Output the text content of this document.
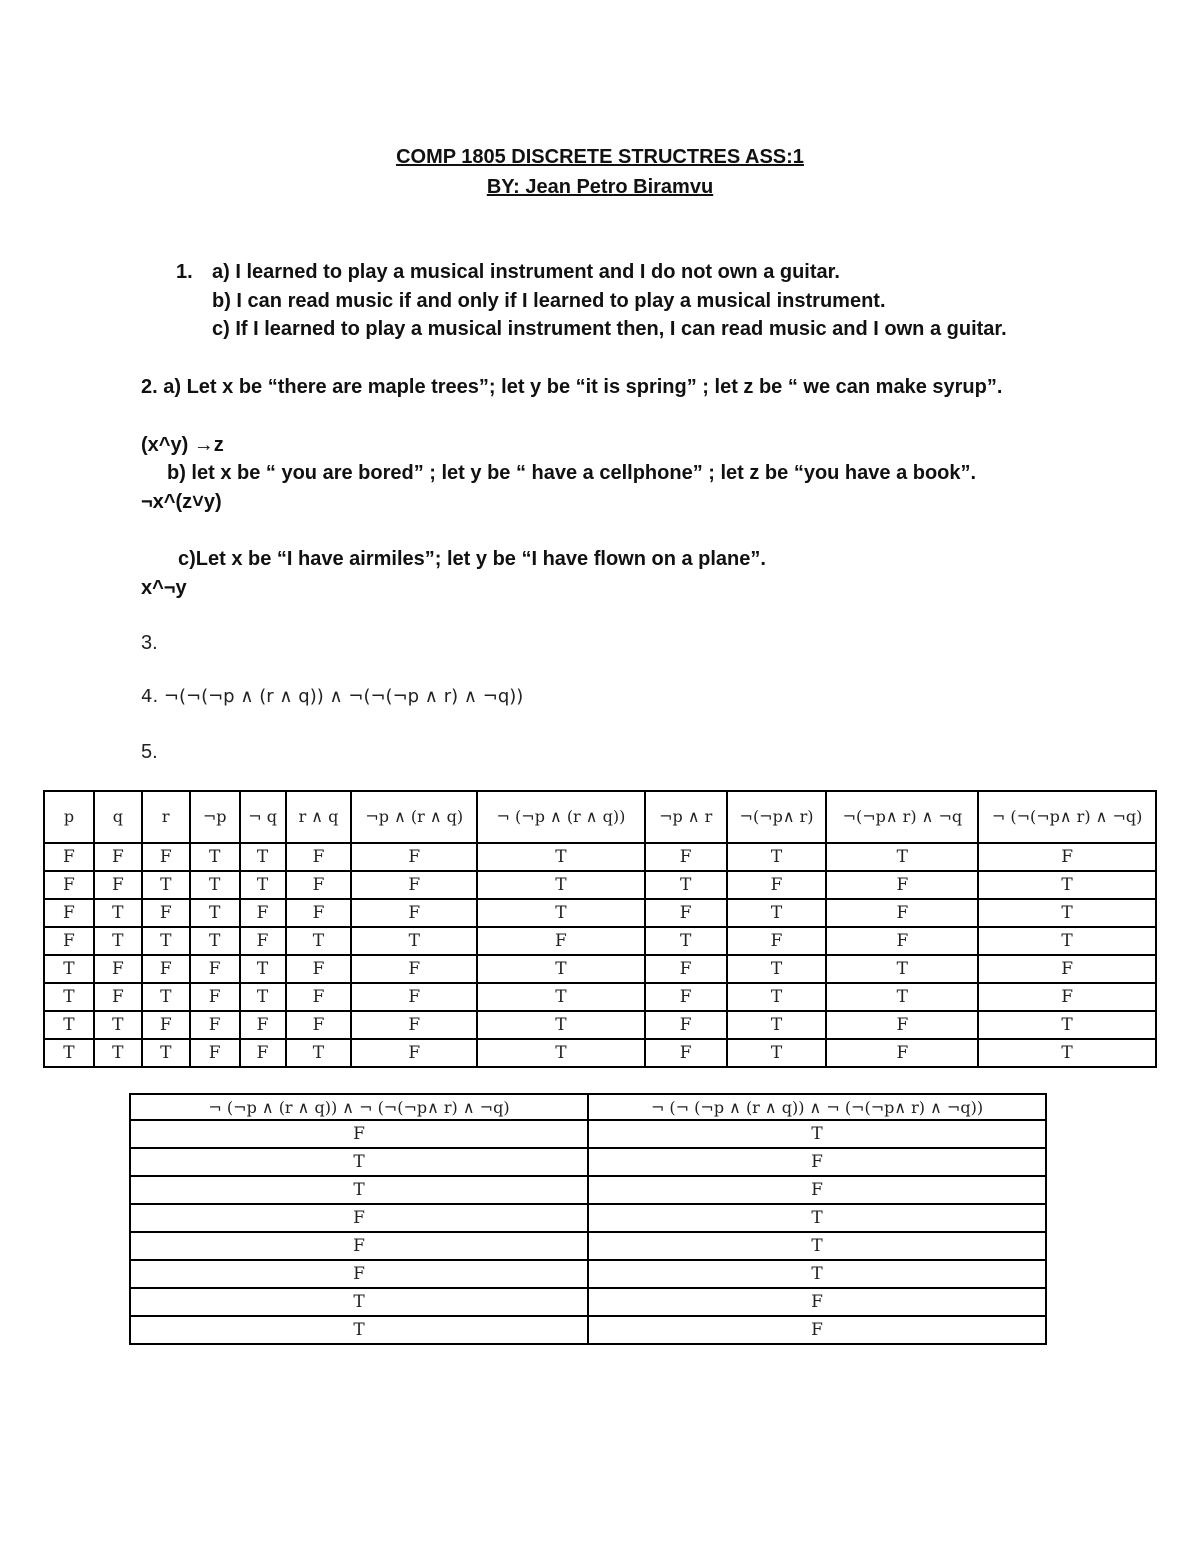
COMP 1805 DISCRETE STRUCTRES ASS:1
BY: Jean Petro Biramvu
1. a) I learned to play a musical instrument and I do not own a guitar.
b) I can read music if and only if I learned to play a musical instrument.
c) If I learned to play a musical instrument then, I can read music and I own a guitar.
2. a) Let x be “there are maple trees”; let y be “it is spring” ; let z be “ we can make syrup”.
(x^y) →z
b) let x be “ you are bored” ; let y be “ have a cellphone” ; let z be “you have a book”.
¬x^(z˅y)
c)Let x be “I have airmiles”; let y be “I have flown on a plane”.
x^¬y
3.
4. ¬(¬(¬p ∧ (r ∧ q)) ∧ ¬(¬(¬p ∧ r) ∧ ¬q))
5.
p	q	r	¬p	¬ q	r ∧ q	¬p ∧ (r ∧ q)	¬ (¬p ∧ (r ∧ q))	¬p ∧ r	¬(¬p∧ r)	¬(¬p∧ r) ∧ ¬q	¬ (¬(¬p∧ r) ∧ ¬q)
F	F	F	T	T	F	F	T	F	T	T	F
F	F	T	T	T	F	F	T	T	F	F	T
F	T	F	T	F	F	F	T	F	T	F	T
F	T	T	T	F	T	T	F	T	F	F	T
T	F	F	F	T	F	F	T	F	T	T	F
T	F	T	F	T	F	F	T	F	T	T	F
T	T	F	F	F	F	F	T	F	T	F	T
T	T	T	F	F	T	F	T	F	T	F	T
¬ (¬p ∧ (r ∧ q)) ∧ ¬ (¬(¬p∧ r) ∧ ¬q)	¬ (¬ (¬p ∧ (r ∧ q)) ∧ ¬ (¬(¬p∧ r) ∧ ¬q))
F	T
T	F
T	F
F	T
F	T
F	T
T	F
T	F
